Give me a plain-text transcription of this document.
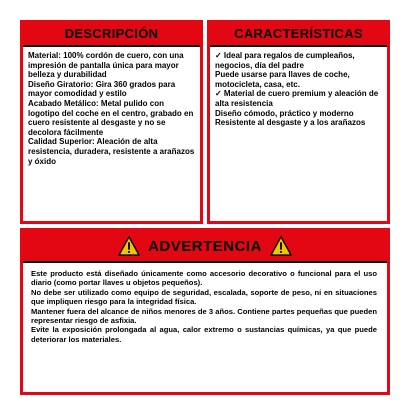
DESCRIPCIÓN

Material: 100% cordón de cuero, con una impresión de pantalla única para mayor belleza y durabilidad

Diseño Giratorio: Gira 360 grados para mayor comodidad y estilo

Acabado Metálico: Metal pulido con logotipo del coche en el centro, grabado en cuero resistente al desgaste y no se decolora fácilmente

Calidad Superior: Aleación de alta resistencia, duradera, resistente a arañazos y óxido

CARACTERÍSTICAS

✓ Ideal para regalos de cumpleaños, negocios, día del padre

Puede usarse para llaves de coche, motocicleta, casa, etc.

✓ Material de cuero premium y aleación de alta resistencia

Diseño cómodo, práctico y moderno

Resistente al desgaste y a los arañazos

ADVERTENCIA

Este producto está diseñado únicamente como accesorio decorativo o funcional para el uso diario (como portar llaves u objetos pequeños).

No debe ser utilizado como equipo de seguridad, escalada, soporte de peso, ni en situaciones que impliquen riesgo para la integridad física.

Mantener fuera del alcance de niños menores de 3 años. Contiene partes pequeñas que pueden representar riesgo de asfixia.

Evite la exposición prolongada al agua, calor extremo o sustancias químicas, ya que puede deteriorar los materiales.
